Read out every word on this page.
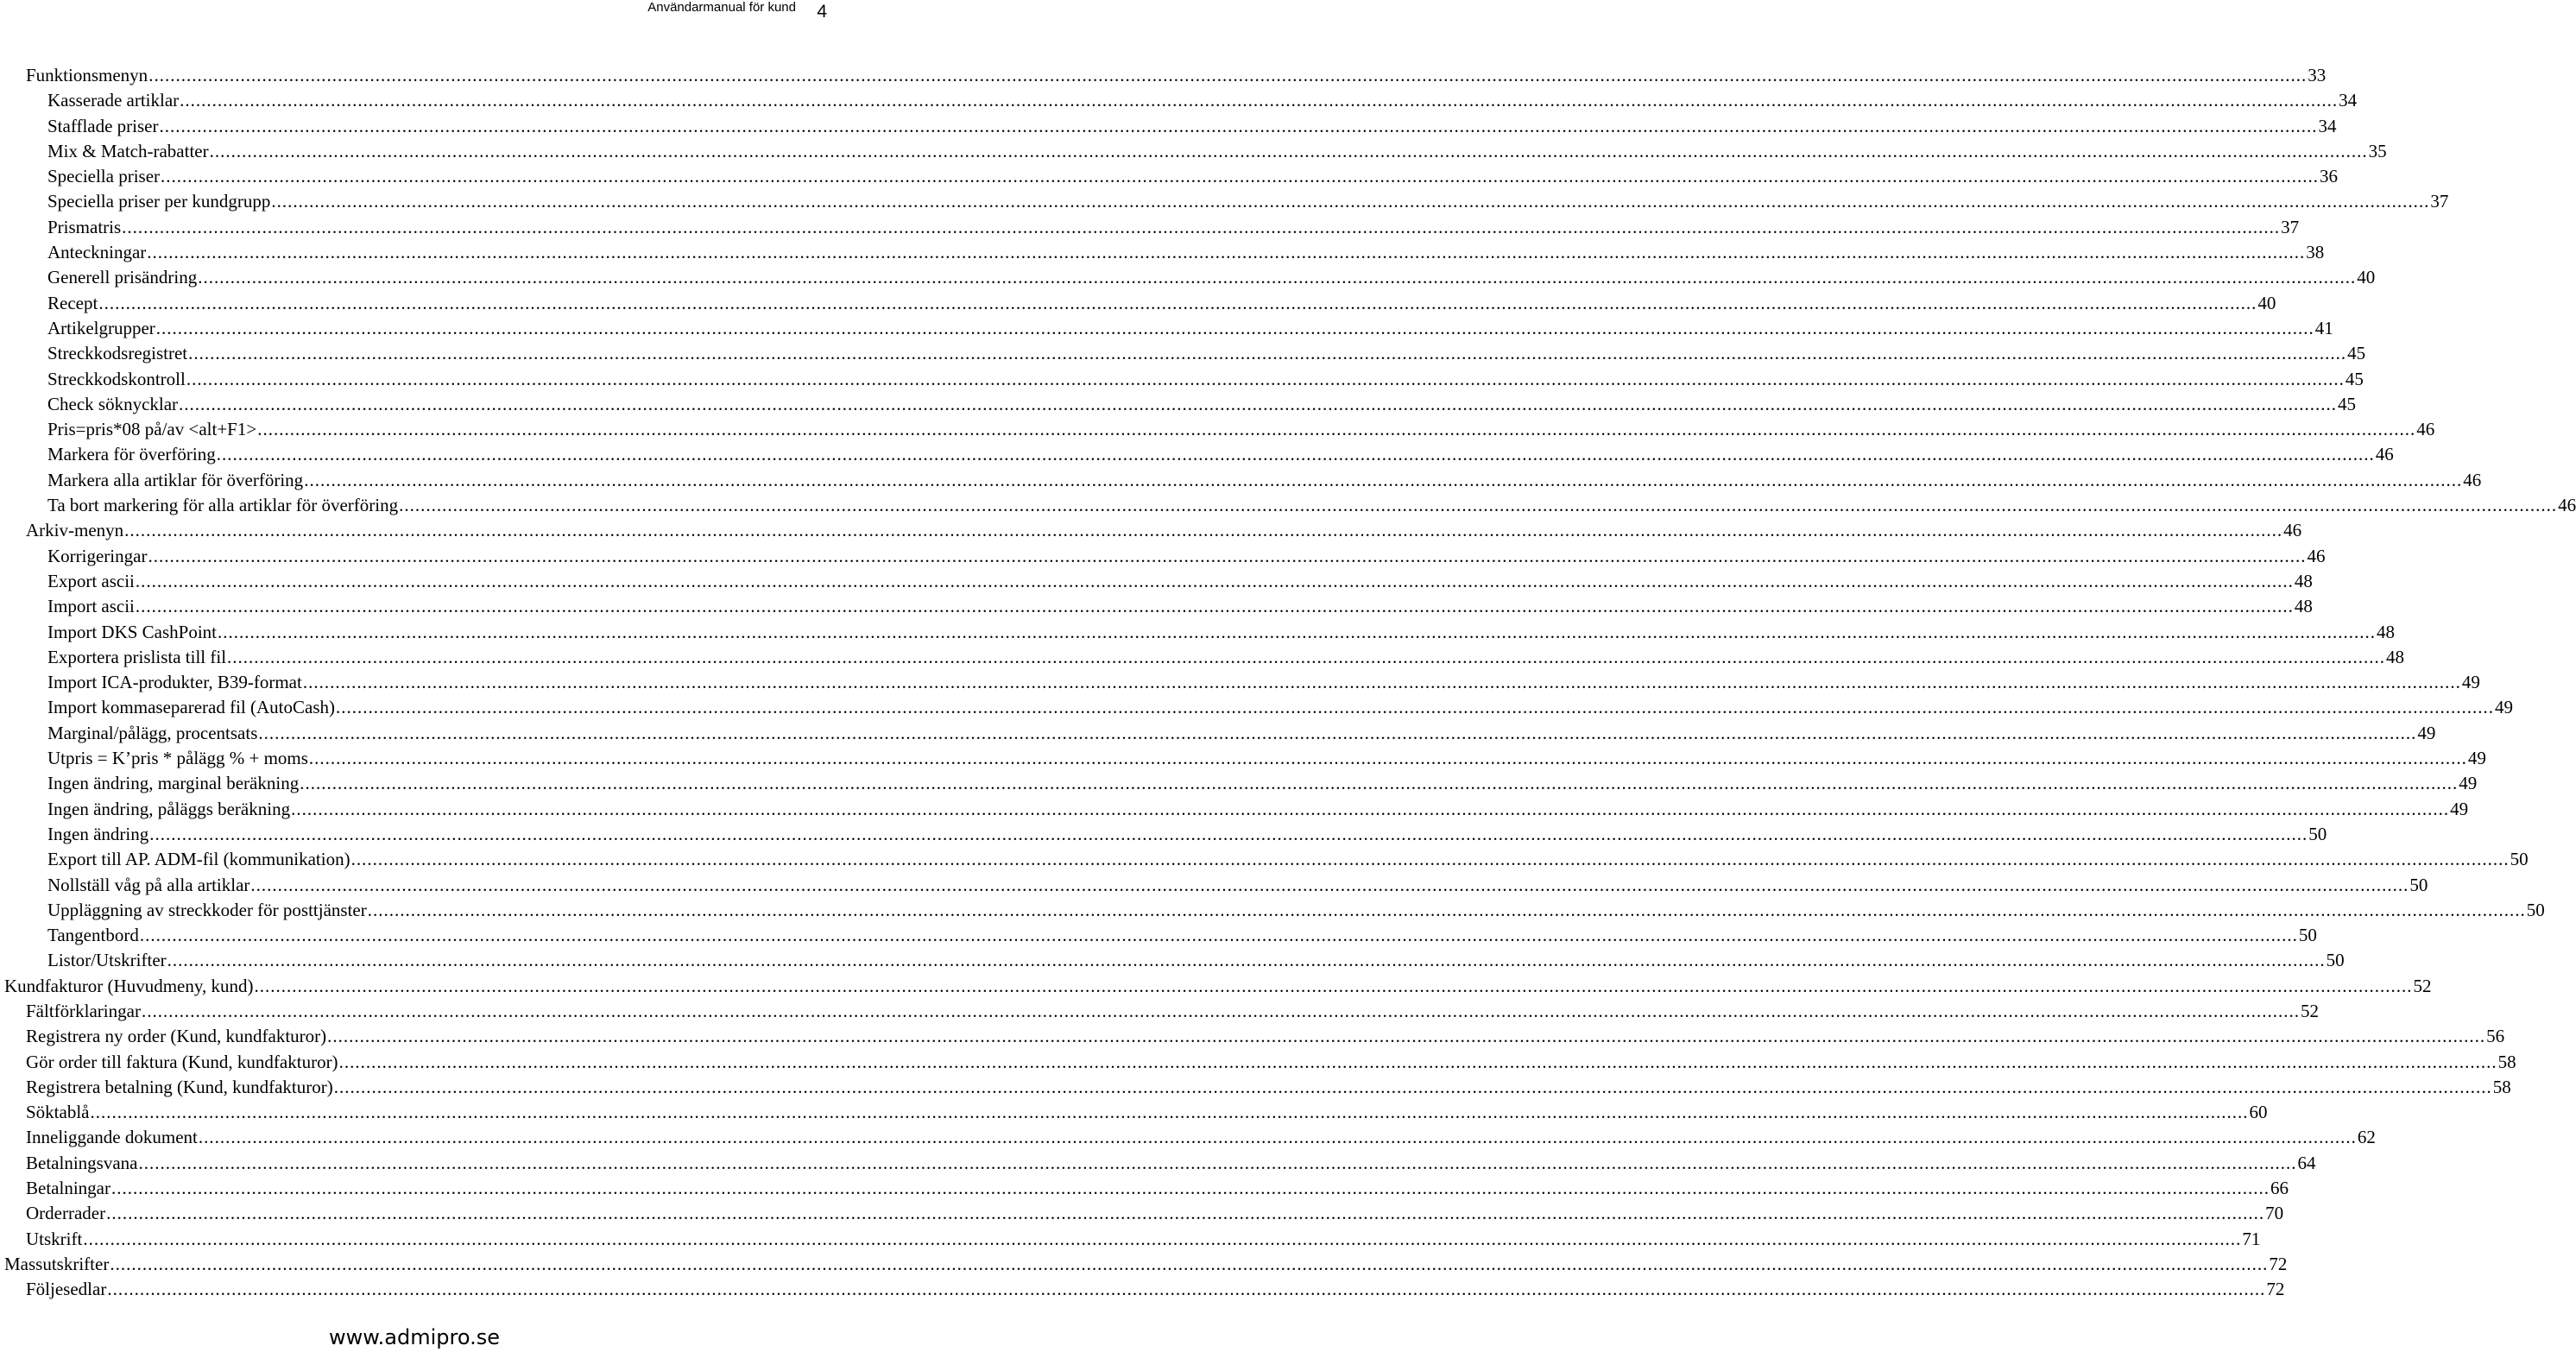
Användarmanual för kund 4
Funktionsmenyn ................................................................................................................................................................................................................................................................................................................................................................................................................ 33
Kasserade artiklar ................................................................................................................................................................................................................................................................................................................................................................................................................ 34
Stafflade priser ................................................................................................................................................................................................................................................................................................................................................................................................................ 34
Mix & Match-rabatter ................................................................................................................................................................................................................................................................................................................................................................................................................ 35
Speciella priser ................................................................................................................................................................................................................................................................................................................................................................................................................ 36
Speciella priser per kundgrupp ................................................................................................................................................................................................................................................................................................................................................................................................................ 37
Prismatris ................................................................................................................................................................................................................................................................................................................................................................................................................ 37
Anteckningar ................................................................................................................................................................................................................................................................................................................................................................................................................ 38
Generell prisändring ................................................................................................................................................................................................................................................................................................................................................................................................................ 40
Recept ................................................................................................................................................................................................................................................................................................................................................................................................................ 40
Artikelgrupper ................................................................................................................................................................................................................................................................................................................................................................................................................ 41
Streckkodsregistret ................................................................................................................................................................................................................................................................................................................................................................................................................ 45
Streckkodskontroll ................................................................................................................................................................................................................................................................................................................................................................................................................ 45
Check söknycklar ................................................................................................................................................................................................................................................................................................................................................................................................................ 45
Pris=pris*08 på/av <alt+F1> ................................................................................................................................................................................................................................................................................................................................................................................................................ 46
Markera för överföring ................................................................................................................................................................................................................................................................................................................................................................................................................ 46
Markera alla artiklar för överföring ................................................................................................................................................................................................................................................................................................................................................................................................................ 46
Ta bort markering för alla artiklar för överföring ................................................................................................................................................................................................................................................................................................................................................................................................................ 46
Arkiv-menyn ................................................................................................................................................................................................................................................................................................................................................................................................................ 46
Korrigeringar ................................................................................................................................................................................................................................................................................................................................................................................................................ 46
Export ascii ................................................................................................................................................................................................................................................................................................................................................................................................................ 48
Import ascii ................................................................................................................................................................................................................................................................................................................................................................................................................ 48
Import DKS CashPoint ................................................................................................................................................................................................................................................................................................................................................................................................................ 48
Exportera prislista till fil ................................................................................................................................................................................................................................................................................................................................................................................................................ 48
Import ICA-produkter, B39-format ................................................................................................................................................................................................................................................................................................................................................................................................................ 49
Import kommaseparerad fil (AutoCash) ................................................................................................................................................................................................................................................................................................................................................................................................................ 49
Marginal/pålägg, procentsats ................................................................................................................................................................................................................................................................................................................................................................................................................ 49
Utpris = K’pris * pålägg % + moms ................................................................................................................................................................................................................................................................................................................................................................................................................ 49
Ingen ändring, marginal beräkning ................................................................................................................................................................................................................................................................................................................................................................................................................ 49
Ingen ändring, påläggs beräkning ................................................................................................................................................................................................................................................................................................................................................................................................................ 49
Ingen ändring ................................................................................................................................................................................................................................................................................................................................................................................................................ 50
Export till AP. ADM-fil (kommunikation) ................................................................................................................................................................................................................................................................................................................................................................................................................ 50
Nollställ våg på alla artiklar ................................................................................................................................................................................................................................................................................................................................................................................................................ 50
Uppläggning av streckkoder för posttjänster ................................................................................................................................................................................................................................................................................................................................................................................................................ 50
Tangentbord ................................................................................................................................................................................................................................................................................................................................................................................................................ 50
Listor/Utskrifter ................................................................................................................................................................................................................................................................................................................................................................................................................ 50
Kundfakturor (Huvudmeny, kund) ................................................................................................................................................................................................................................................................................................................................................................................................................ 52
Fältförklaringar ................................................................................................................................................................................................................................................................................................................................................................................................................ 52
Registrera ny order (Kund, kundfakturor) ................................................................................................................................................................................................................................................................................................................................................................................................................ 56
Gör order till faktura (Kund, kundfakturor) ................................................................................................................................................................................................................................................................................................................................................................................................................ 58
Registrera betalning (Kund, kundfakturor) ................................................................................................................................................................................................................................................................................................................................................................................................................ 58
Söktablå ................................................................................................................................................................................................................................................................................................................................................................................................................ 60
Inneliggande dokument ................................................................................................................................................................................................................................................................................................................................................................................................................ 62
Betalningsvana ................................................................................................................................................................................................................................................................................................................................................................................................................ 64
Betalningar ................................................................................................................................................................................................................................................................................................................................................................................................................ 66
Orderrader ................................................................................................................................................................................................................................................................................................................................................................................................................ 70
Utskrift ................................................................................................................................................................................................................................................................................................................................................................................................................ 71
Massutskrifter ................................................................................................................................................................................................................................................................................................................................................................................................................ 72
Följesedlar ................................................................................................................................................................................................................................................................................................................................................................................................................ 72
www.admipro.se
